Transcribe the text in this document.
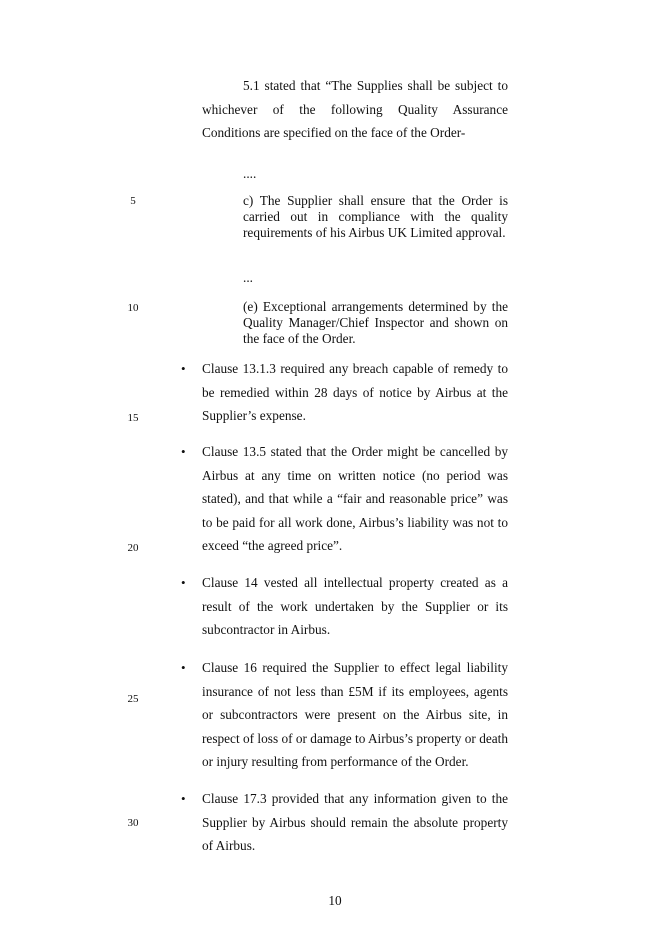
5.1 stated that “The Supplies shall be subject to whichever of the following Quality Assurance Conditions are specified on the face of the Order-

....

c) The Supplier shall ensure that the Order is carried out in compliance with the quality requirements of his Airbus UK Limited approval.

...

(e) Exceptional arrangements determined by the Quality Manager/Chief Inspector and shown on the face of the Order.

• Clause 13.1.3 required any breach capable of remedy to be remedied within 28 days of notice by Airbus at the Supplier’s expense.

• Clause 13.5 stated that the Order might be cancelled by Airbus at any time on written notice (no period was stated), and that while a “fair and reasonable price” was to be paid for all work done, Airbus’s liability was not to exceed “the agreed price”.

• Clause 14 vested all intellectual property created as a result of the work undertaken by the Supplier or its subcontractor in Airbus.

• Clause 16 required the Supplier to effect legal liability insurance of not less than £5M if its employees, agents or subcontractors were present on the Airbus site, in respect of loss of or damage to Airbus’s property or death or injury resulting from performance of the Order.

• Clause 17.3 provided that any information given to the Supplier by Airbus should remain the absolute property of Airbus.

5
10
15
20
25
30

10
